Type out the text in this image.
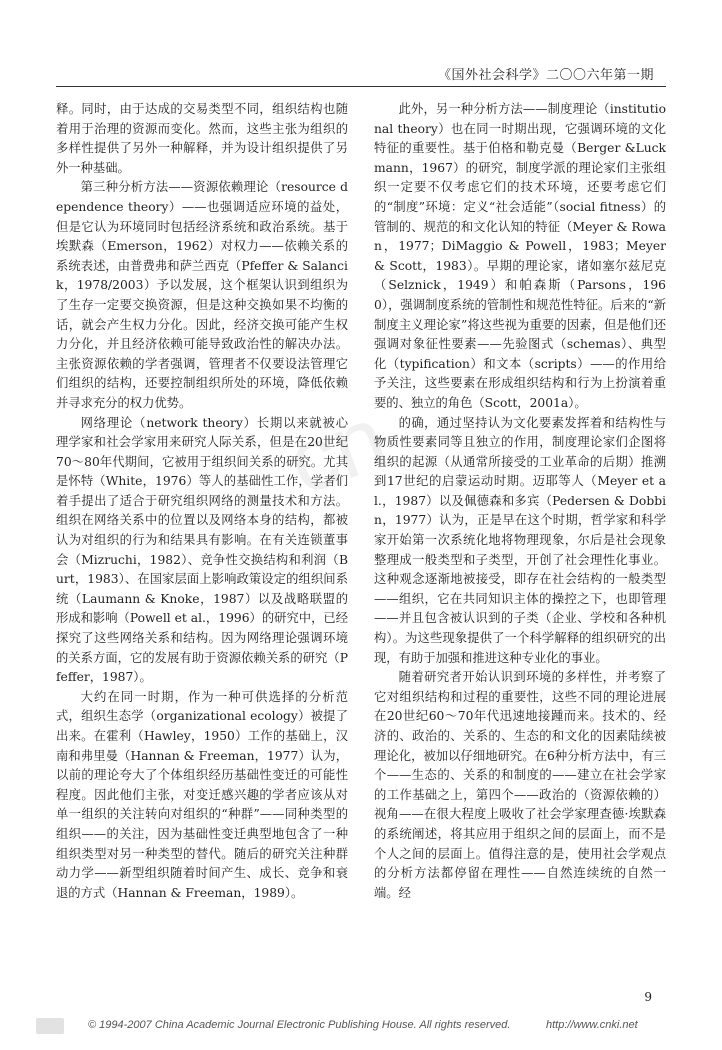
《国外社会科学》二〇〇六年第一期
cn

释。同时，由于达成的交易类型不同，组织结构也随着用于治理的资源而变化。然而，这些主张为组织的多样性提供了另外一种解释，并为设计组织提供了另外一种基础。

第三种分析方法——资源依赖理论（resource dependence theory）——也强调适应环境的益处，但是它认为环境同时包括经济系统和政治系统。基于埃默森（Emerson，1962）对权力——依赖关系的系统表述，由普费弗和萨兰西克（Pfeffer & Salancik，1978/2003）予以发展，这个框架认识到组织为了生存一定要交换资源，但是这种交换如果不均衡的话，就会产生权力分化。因此，经济交换可能产生权力分化，并且经济依赖可能导致政治性的解决办法。主张资源依赖的学者强调，管理者不仅要设法管理它们组织的结构，还要控制组织所处的环境，降低依赖并寻求充分的权力优势。

网络理论（network theory）长期以来就被心理学家和社会学家用来研究人际关系，但是在20世纪70～80年代期间，它被用于组织间关系的研究。尤其是怀特（White，1976）等人的基础性工作，学者们着手提出了适合于研究组织网络的测量技术和方法。组织在网络关系中的位置以及网络本身的结构，都被认为对组织的行为和结果具有影响。在有关连锁董事会（Mizruchi，1982）、竞争性交换结构和利润（Burt，1983）、在国家层面上影响政策设定的组织间系统（Laumann & Knoke，1987）以及战略联盟的形成和影响（Powell et al.，1996）的研究中，已经探究了这些网络关系和结构。因为网络理论强调环境的关系方面，它的发展有助于资源依赖关系的研究（Pfeffer，1987）。

大约在同一时期，作为一种可供选择的分析范式，组织生态学（organizational ecology）被提了出来。在霍利（Hawley，1950）工作的基础上，汉南和弗里曼（Hannan & Freeman，1977）认为，以前的理论夸大了个体组织经历基础性变迁的可能性程度。因此他们主张，对变迁感兴趣的学者应该从对单一组织的关注转向对组织的“种群”——同种类型的组织——的关注，因为基础性变迁典型地包含了一种组织类型对另一种类型的替代。随后的研究关注种群动力学——新型组织随着时间产生、成长、竞争和衰退的方式（Hannan & Freeman，1989）。

此外，另一种分析方法——制度理论（institutional theory）也在同一时期出现，它强调环境的文化特征的重要性。基于伯格和勒克曼（Berger &Luckmann，1967）的研究，制度学派的理论家们主张组织一定要不仅考虑它们的技术环境，还要考虑它们的“制度”环境：定义“社会适能”（social fitness）的管制的、规范的和文化认知的特征（Meyer & Rowan，1977；DiMaggio & Powell，1983；Meyer & Scott，1983）。早期的理论家，诸如塞尔兹尼克（Selznick，1949）和帕森斯（Parsons，1960），强调制度系统的管制性和规范性特征。后来的“新制度主义理论家”将这些视为重要的因素，但是他们还强调对象征性要素——先验图式（schemas）、典型化（typification）和文本（scripts）——的作用给予关注，这些要素在形成组织结构和行为上扮演着重要的、独立的角色（Scott，2001a）。

的确，通过坚持认为文化要素发挥着和结构性与物质性要素同等且独立的作用，制度理论家们企图将组织的起源（从通常所接受的工业革命的后期）推溯到17世纪的启蒙运动时期。迈耶等人（Meyer et al.，1987）以及佩德森和多宾（Pedersen & Dobbin，1977）认为，正是早在这个时期，哲学家和科学家开始第一次系统化地将物理现象，尔后是社会现象整理成一般类型和子类型，开创了社会理性化事业。这种观念逐渐地被接受，即存在社会结构的一般类型——组织，它在共同知识主体的操控之下，也即管理——并且包含被认识到的子类（企业、学校和各种机构）。为这些现象提供了一个科学解释的组织研究的出现，有助于加强和推进这种专业化的事业。

随着研究者开始认识到环境的多样性，并考察了它对组织结构和过程的重要性，这些不同的理论进展在20世纪60～70年代迅速地接踵而来。技术的、经济的、政治的、关系的、生态的和文化的因素陆续被理论化，被加以仔细地研究。在6种分析方法中，有三个——生态的、关系的和制度的——建立在社会学家的工作基础之上，第四个——政治的（资源依赖的）视角——在很大程度上吸收了社会学家理查德·埃默森的系统阐述，将其应用于组织之间的层面上，而不是个人之间的层面上。值得注意的是，使用社会学观点的分析方法都停留在理性——自然连续统的自然一端。经

9
© 1994-2007 China Academic Journal Electronic Publishing House. All rights reserved.	http://www.cnki.net
